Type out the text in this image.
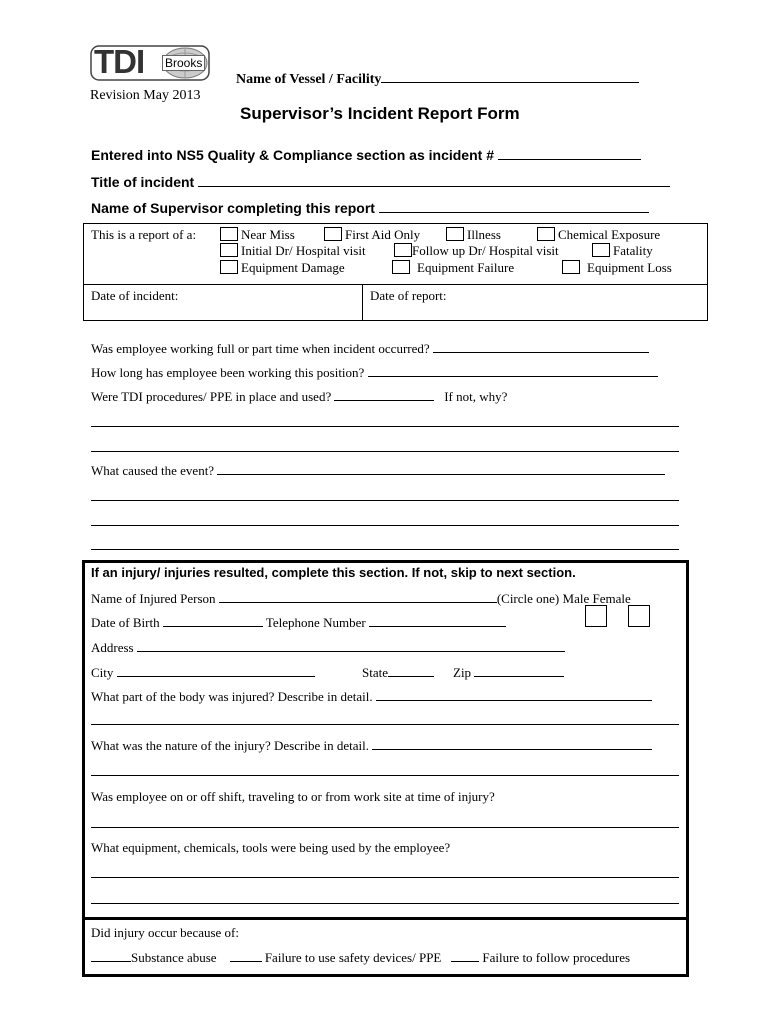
TDI Brooks
Revision May 2013
Name of Vessel / Facility
Supervisor’s Incident Report Form
Entered into NS5 Quality & Compliance section as incident #
Title of incident
Name of Supervisor completing this report
This is a report of a:	Near Miss	First Aid Only	Illness	Chemical Exposure
Initial Dr/ Hospital visit	Follow up Dr/ Hospital visit	Fatality
Equipment Damage	Equipment Failure	Equipment Loss
Date of incident:	Date of report:
Was employee working full or part time when incident occurred?
How long has employee been working this position?
Were TDI procedures/ PPE in place and used?	If not, why?
What caused the event?
If an injury/ injuries resulted, complete this section. If not, skip to next section.
Name of Injured Person	(Circle one) Male Female

Date of Birth	Telephone Number
Address
City	State	Zip
What part of the body was injured? Describe in detail.
What was the nature of the injury? Describe in detail.
Was employee on or off shift, traveling to or from work site at time of injury?
What equipment, chemicals, tools were being used by the employee?
Did injury occur because of:
Substance abuse	Failure to use safety devices/ PPE	Failure to follow procedures
